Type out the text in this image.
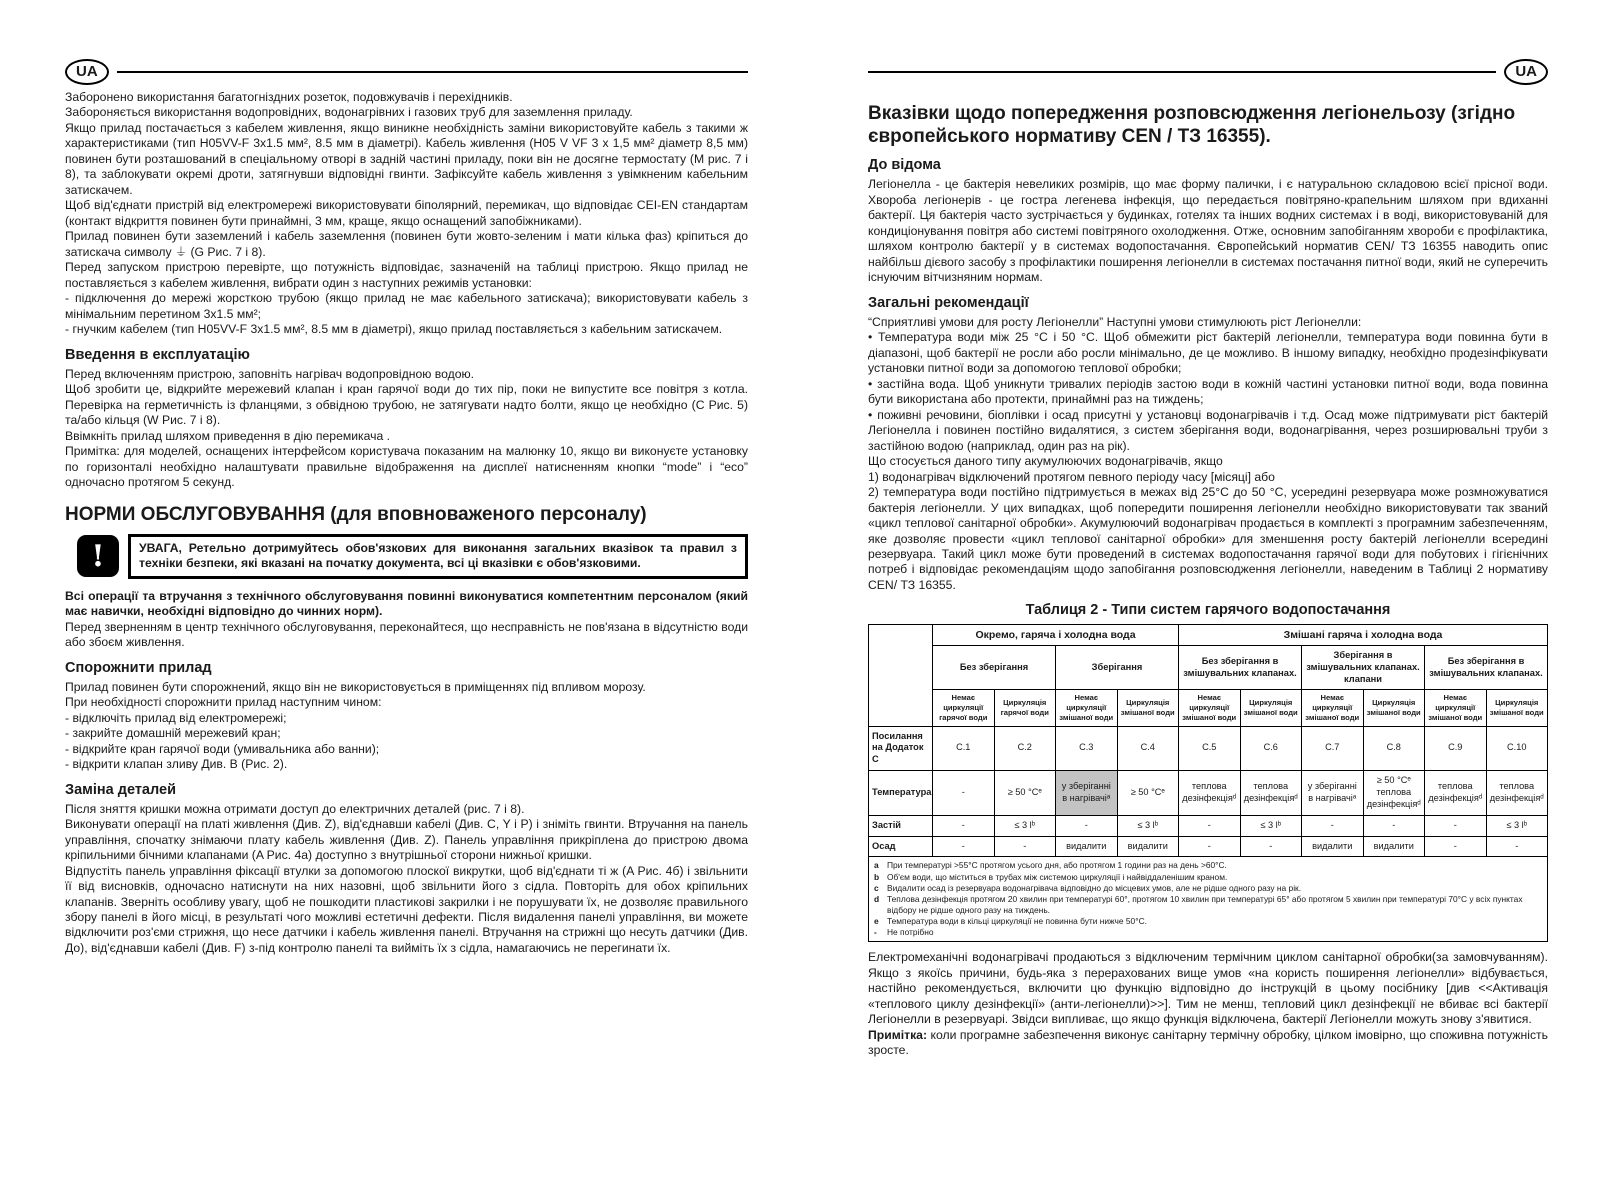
UA	UA

Заборонено використання багатогніздних розеток, подовжувачів і перехідників.

Забороняється використання водопровідних, водонагрівних і газових труб для заземлення приладу.

Якщо прилад постачається з кабелем живлення, якщо виникне необхідність заміни використовуйте кабель з такими ж характеристиками (тип H05VV-F 3x1.5 мм², 8.5 мм в діаметрі). Кабель живлення (H05 V VF 3 x 1,5 мм² діаметр 8,5 мм) повинен бути розташований в спеціальному отворі в задній частині приладу, поки він не досягне термостату (M рис. 7 і 8), та заблокувати окремі дроти, затягнувши відповідні гвинти. Зафіксуйте кабель живлення з увімкненим кабельним затискачем.

Щоб від'єднати пристрій від електромережі використовувати біполярний, перемикач, що відповідає CEI-EN стандартам (контакт відкриття повинен бути принаймні, 3 мм, краще, якщо оснащений запобіжниками).

Прилад повинен бути заземлений і кабель заземлення (повинен бути жовто-зеленим і мати кілька фаз) кріпиться до затискача символу ⏚ (G Рис. 7 і 8).

Перед запуском пристрою перевірте, що потужність відповідає, зазначеній на таблиці пристрою. Якщо прилад не поставляється з кабелем живлення, вибрати один з наступних режимів установки:

- підключення до мережі жорсткою трубою (якщо прилад не має кабельного затискача); використовувати кабель з мінімальним перетином 3x1.5 мм²;

- гнучким кабелем (тип H05VV-F 3x1.5 мм², 8.5 мм в діаметрі), якщо прилад поставляється з кабельним затискачем.

Введення в експлуатацію

Перед включенням пристрою, заповніть нагрівач водопровідною водою.

Щоб зробити це, відкрийте мережевий клапан і кран гарячої води до тих пір, поки не випустите все повітря з котла. Перевірка на герметичність із фланцями, з обвідною трубою, не затягувати надто болти, якщо це необхідно (C Рис. 5) та/або кільця (W Рис. 7 і 8).

Ввімкніть прилад шляхом приведення в дію перемикача .

Примітка: для моделей, оснащених інтерфейсом користувача показаним на малюнку 10, якщо ви виконуєте установку по горизонталі необхідно налаштувати правильне відображення на дисплеї натисненням кнопки “mode” і “eco” одночасно протягом 5 секунд.

НОРМИ ОБСЛУГОВУВАННЯ (для вповноваженого персоналу)
!	УВАГА, Ретельно дотримуйтесь обов'язкових для виконання загальних вказівок та правил з техніки безпеки, які вказані на початку документа, всі ці вказівки є обов'язковими.

Всі операції та втручання з технічного обслуговування повинні виконуватися компетентним персоналом (який має навички, необхідні відповідно до чинних норм).

Перед зверненням в центр технічного обслуговування, переконайтеся, що несправність не пов'язана в відсутністю води або збоєм живлення.

Спорожнити прилад

Прилад повинен бути спорожнений, якщо він не використовується в приміщеннях під впливом морозу.

При необхідності спорожнити прилад наступним чином:

- відключіть прилад від електромережі;

- закрийте домашній мережевий кран;

- відкрийте кран гарячої води (умивальника або ванни);

- відкрити клапан зливу Див. B (Рис. 2).

Заміна деталей

Після зняття кришки можна отримати доступ до електричних деталей (рис. 7 і 8).

Виконувати операції на платі живлення (Див. Z), від'єднавши кабелі (Див. C, Y і P) і зніміть гвинти. Втручання на панель управління, спочатку знімаючи плату кабель живлення (Див. Z). Панель управління прикріплена до пристрою двома кріпильними бічними клапанами (A Рис. 4a) доступно з внутрішньої сторони нижньої кришки.

Відпустіть панель управління фіксації втулки за допомогою плоскої викрутки, щоб від'єднати ті ж (A Рис. 4б) і звільнити її від висновків, одночасно натиснути на них назовні, щоб звільнити його з сідла. Повторіть для обох кріпильних клапанів. Зверніть особливу увагу, щоб не пошкодити пластикові закрилки і не порушувати їх, не дозволяє правильного збору панелі в його місці, в результаті чого можливі естетичні дефекти. Після видалення панелі управління, ви можете відключити роз'єми стрижня, що несе датчики і кабель живлення панелі. Втручання на стрижні що несуть датчики (Див. До), від'єднавши кабелі (Див. F) з-під контролю панелі та вийміть їх з сідла, намагаючись не перегинати їх.

Вказівки щодо попередження розповсюдження легіонельозу (згідно європейського нормативу CEN / ТЗ 16355).
До відома

Легіонелла - це бактерія невеликих розмірів, що має форму палички, і є натуральною складовою всієї прісної води. Хвороба легіонерів - це гостра легенева інфекція, що передається повітряно-крапельним шляхом при вдиханні бактерії. Ця бактерія часто зустрічається у будинках, готелях та інших водних системах і в воді, використовуваній для кондиціонування повітря або системі повітряного охолодження. Отже, основним запобіганням хвороби є профілактика, шляхом контролю бактерії у в системах водопостачання. Європейський норматив CEN/ ТЗ 16355 наводить опис найбільш дієвого засобу з профілактики поширення легіонелли в системах постачання питної води, який не суперечить існуючим вітчизняним нормам.

Загальні рекомендації

“Сприятливі умови для росту Легіонелли” Наступні умови стимулюють ріст Легіонелли:

• Температура води між 25 °C і 50 °C. Щоб обмежити ріст бактерій легіонелли, температура води повинна бути в діапазоні, щоб бактерії не росли або росли мінімально, де це можливо. В іншому випадку, необхідно продезінфікувати установки питної води за допомогою теплової обробки;

• застійна вода. Щоб уникнути тривалих періодів застою води в кожній частині установки питної води, вода повинна бути використана або протекти, принаймні раз на тиждень;

• поживні речовини, біоплівки і осад присутні у установці водонагрівачів і т.д. Осад може підтримувати ріст бактерій Легіонелла і повинен постійно видалятися, з систем зберігання води, водонагрівання, через розширювальні труби з застійною водою (наприклад, один раз на рік).

Що стосується даного типу акумулюючих водонагрівачів, якщо

1) водонагрівач відключений протягом певного періоду часу [місяці] або

2) температура води постійно підтримується в межах від 25°C до 50 °C, усередині резервуара може розмножуватися бактерія легіонелли. У цих випадках, щоб попередити поширення легіонелли необхідно використовувати так званий «цикл теплової санітарної обробки». Акумулюючий водонагрівач продається в комплекті з програмним забезпеченням, яке дозволяє провести «цикл теплової санітарної обробки» для зменшення росту бактерій легіонелли всередині резервуара. Такий цикл може бути проведений в системах водопостачання гарячої води для побутових і гігієнічних потреб і відповідає рекомендаціям щодо запобігання розповсюдження легіонелли, наведеним в Таблиці 2 нормативу CEN/ ТЗ 16355.

Таблиця 2 - Типи систем гарячого водопостачання
	Окремо, гаряча і холодна вода				Змішані гаряча і холодна вода					
	Без зберігання		Зберігання		Без зберігання в змішувальних клапанах.		Зберігання в змішувальних клапанах. клапани		Без зберігання в змішувальних клапанах.	
	Немає циркуляції гарячої води	Циркуляція гарячої води	Немає циркуляції змішаної води	Циркуляція змішаної води	Немає циркуляції змішаної води	Циркуляція змішаної води	Немає циркуляції змішаної води	Циркуляція змішаної води	Немає циркуляції змішаної води	Циркуляція змішаної води
Посилання на Додаток C	C.1	C.2	C.3	C.4	C.5	C.6	C.7	C.8	C.9	C.10
Температура	-	≥ 50 °Cᵉ	у зберіганні в нагрівачіᵃ	≥ 50 °Cᵉ	теплова дезінфекціяᵈ	теплова дезінфекціяᵈ	у зберіганні в нагрівачіᵃ	≥ 50 °Cᵉ теплова дезінфекціяᵈ	теплова дезінфекціяᵈ	теплова дезінфекціяᵈ
Застій	-	≤ 3 lᵇ	-	≤ 3 lᵇ	-	≤ 3 lᵇ	-	-	-	≤ 3 lᵇ
Осад	-	-	видалити	видалити	-	-	видалити	видалити	-	-

a При температурі >55°C протягом усього дня, або протягом 1 години раз на день >60°C.
b Об'єм води, що міститься в трубах між системою циркуляції і найвіддаленішим краном.
c Видалити осад із резервуара водонагрівача відповідно до місцевих умов, але не рідше одного разу на рік.
d Теплова дезінфекція протягом 20 хвилин при температурі 60°, протягом 10 хвилин при температурі 65° або протягом 5 хвилин при температурі 70°C у всіх пунктах відбору не рідше одного разу на тиждень.
e Температура води в кільці циркуляції не повинна бути нижче 50°C.
-	Не потрібно

Електромеханічні водонагрівачі продаються з відключеним термічним циклом санітарної обробки(за замовчуванням). Якщо з якоїсь причини, будь-яка з перерахованих вище умов «на користь поширення легіонелли» відбувається, настійно рекомендується, включити цю функцію відповідно до інструкцій в цьому посібнику [див <<Активація «теплового циклу дезінфекції» (анти-легіонелли)>>]. Тим не менш, тепловий цикл дезінфекції не вбиває всі бактерії Легіонелли в резервуарі. Звідси випливає, що якщо функція відключена, бактерії Легіонелли можуть знову з'явитися.

Примітка: коли програмне забезпечення виконує санітарну термічну обробку, цілком імовірно, що споживна потужність зросте.
